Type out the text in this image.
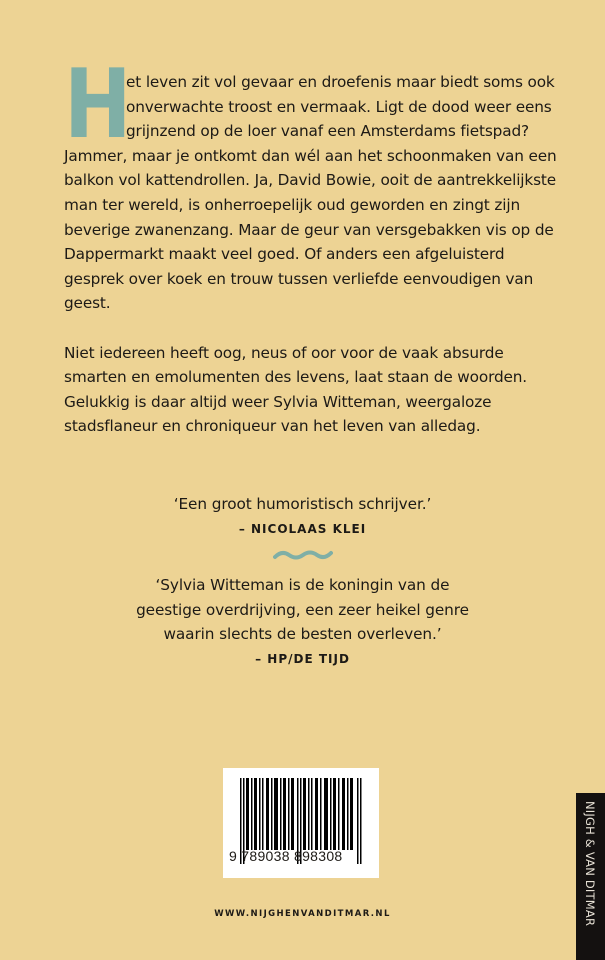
H
et leven zit vol gevaar en droefenis maar biedt soms ook onverwachte troost en vermaak. Ligt de dood weer eens grijnzend op de loer vanaf een Amsterdams fietspad? Jammer, maar je ontkomt dan wél aan het schoonmaken van een balkon vol kattendrollen. Ja, David Bowie, ooit de aantrekkelijkste man ter wereld, is onherroepelijk oud geworden en zingt zijn beverige zwanenzang. Maar de geur van versgebakken vis op de Dappermarkt maakt veel goed. Of anders een afgeluisterd gesprek over koek en trouw tussen verliefde eenvoudigen van geest.

Niet iedereen heeft oog, neus of oor voor de vaak absurde smarten en emolumenten des levens, laat staan de woorden. Gelukkig is daar altijd weer Sylvia Witteman, weergaloze stadsflaneur en chroniqueur van het leven van alledag.

‘Een groot humoristisch schrijver.’
– NICOLAAS KLEI
‘Sylvia Witteman is de koningin van de
geestige overdrijving, een zeer heikel genre
waarin slechts de besten overleven.’
– HP/DE TIJD
9 789038 898308
WWW.NIJGHENVANDITMAR.NL	NIJGH & VAN DITMAR
